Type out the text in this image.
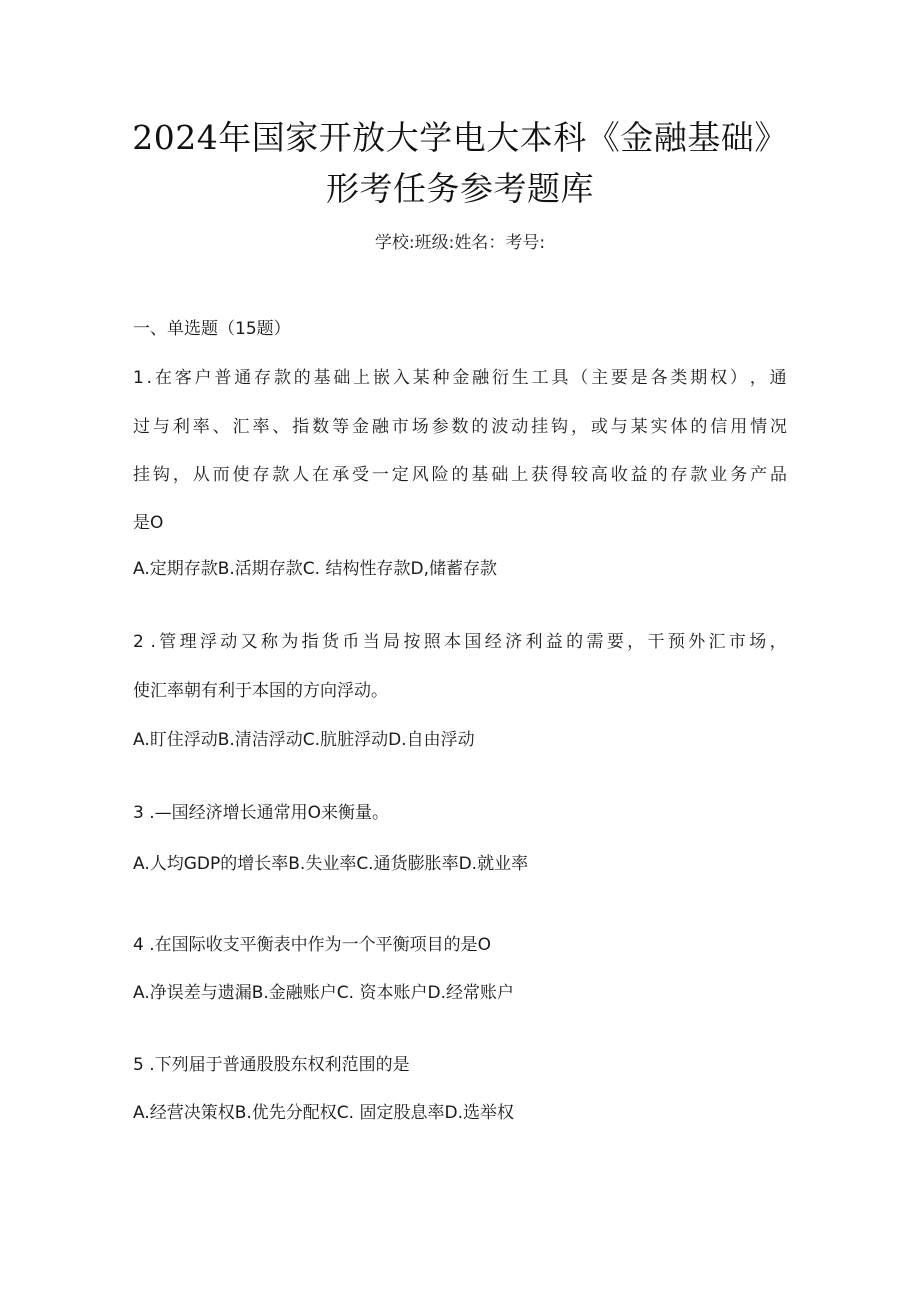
2024年国家开放大学电大本科《金融基础》
形考任务参考题库
学校:班级:姓名：考号:
一、单选题（15题）
1 . 在 客 户 普 通 存 款 的 基 础 上 嵌 入 某 种 金 融 衍 生 工 具 （ 主 要 是 各 类 期 权 ） ， 通
过 与 利 率 、 汇 率 、 指 数 等 金 融 市 场 参 数 的 波 动 挂 钩 ， 或 与 某 实 体 的 信 用 情 况
挂 钩 ， 从 而 使 存 款 人 在 承 受 一 定 风 险 的 基 础 上 获 得 较 高 收 益 的 存 款 业 务 产 品
是O
A.定期存款B.活期存款C. 结构性存款D,储蓄存款
2 . 管 理 浮 动 又 称 为 指 货 币 当 局 按 照 本 国 经 济 利 益 的 需 要 ， 干 预 外 汇 市 场 ，
使汇率朝有利于本国的方向浮动。
A.盯住浮动B.清洁浮动C.肮脏浮动D.自由浮动
3 .—国经济增长通常用O来衡量。
A.人均GDP的增长率B.失业率C.通货膨胀率D.就业率
4 .在国际收支平衡表中作为一个平衡项目的是O
A.净误差与遗漏B.金融账户C. 资本账户D.经常账户
5 .下列届于普通股股东权利范围的是
A.经营决策权B.优先分配权C. 固定股息率D.选举权
